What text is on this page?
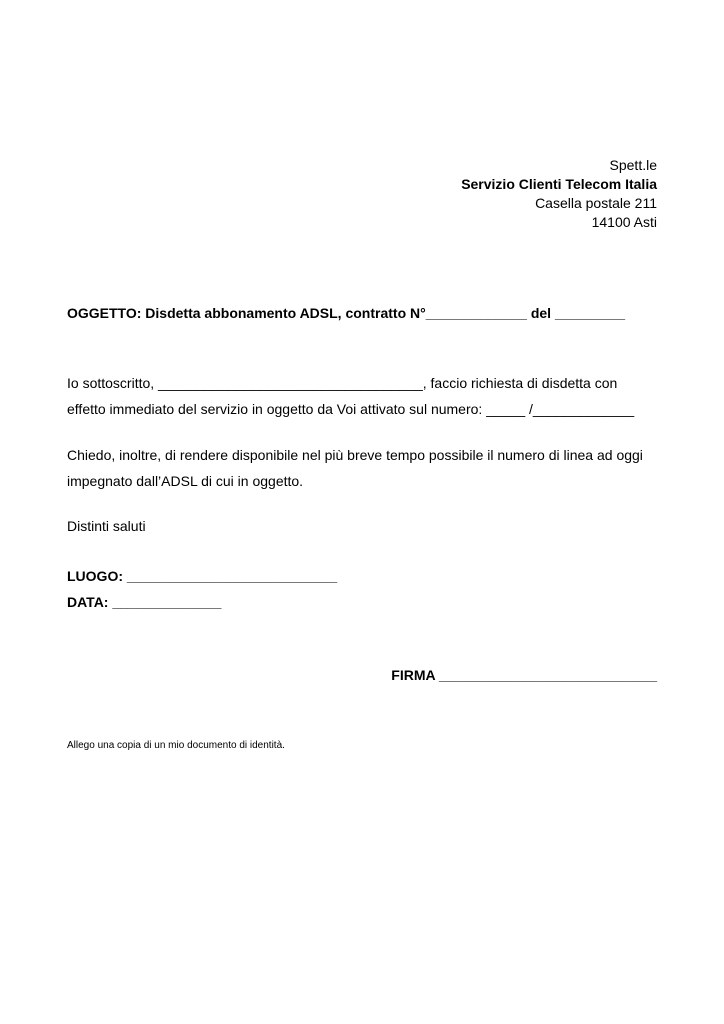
Spett.le
Servizio Clienti Telecom Italia
Casella postale 211
14100 Asti
OGGETTO: Disdetta abbonamento ADSL, contratto N°_____________ del _________
Io sottoscritto, __________________________________, faccio richiesta di disdetta con
effetto immediato del servizio in oggetto da Voi attivato sul numero: _____ /_____________
Chiedo, inoltre, di rendere disponibile nel più breve tempo possibile il numero di linea ad oggi
impegnato dall’ADSL di cui in oggetto.
Distinti saluti
LUOGO: ___________________________
DATA: ______________
FIRMA ____________________________
Allego una copia di un mio documento di identità.
